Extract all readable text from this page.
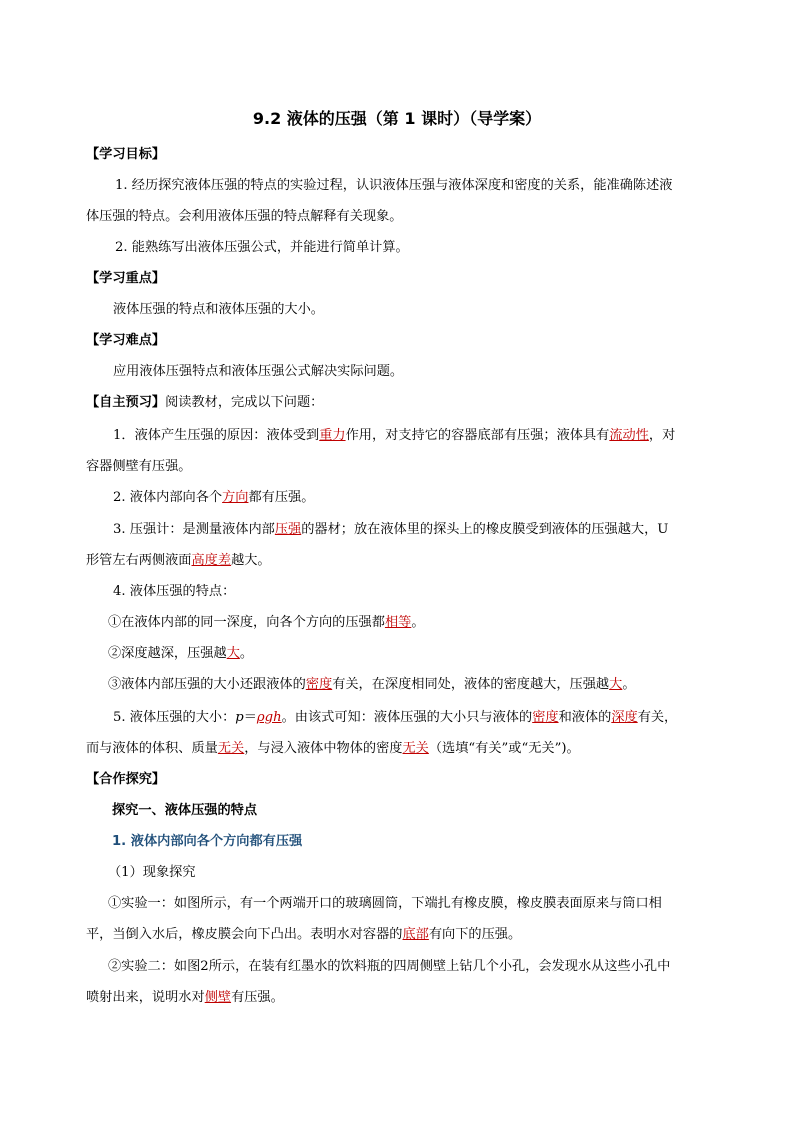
9.2 液体的压强（第 1 课时）（导学案）
【学习目标】
1. 经历探究液体压强的特点的实验过程，认识液体压强与液体深度和密度的关系，能准确陈述液
体压强的特点。会利用液体压强的特点解释有关现象。
2. 能熟练写出液体压强公式，并能进行简单计算。
【学习重点】
液体压强的特点和液体压强的大小。
【学习难点】
应用液体压强特点和液体压强公式解决实际问题。
【自主预习】阅读教材，完成以下问题：
1．液体产生压强的原因：液体受到重力作用，对支持它的容器底部有压强；液体具有流动性，对
容器侧壁有压强。
2. 液体内部向各个方向都有压强。
3. 压强计：是测量液体内部压强的器材；放在液体里的探头上的橡皮膜受到液体的压强越大，U
形管左右两侧液面高度差越大。
4. 液体压强的特点：
①在液体内部的同一深度，向各个方向的压强都相等。
②深度越深，压强越大。
③液体内部压强的大小还跟液体的密度有关，在深度相同处，液体的密度越大，压强越大。
5. 液体压强的大小：p＝ρgh。由该式可知：液体压强的大小只与液体的密度和液体的深度有关，
而与液体的体积、质量无关，与浸入液体中物体的密度无关（选填“有关”或“无关”)。
【合作探究】
探究一、液体压强的特点
1. 液体内部向各个方向都有压强
（1）现象探究
①实验一：如图所示，有一个两端开口的玻璃圆筒，下端扎有橡皮膜，橡皮膜表面原来与筒口相
平，当倒入水后，橡皮膜会向下凸出。表明水对容器的底部有向下的压强。
②实验二：如图2所示，在装有红墨水的饮料瓶的四周侧壁上钻几个小孔，会发现水从这些小孔中
喷射出来，说明水对侧壁有压强。
